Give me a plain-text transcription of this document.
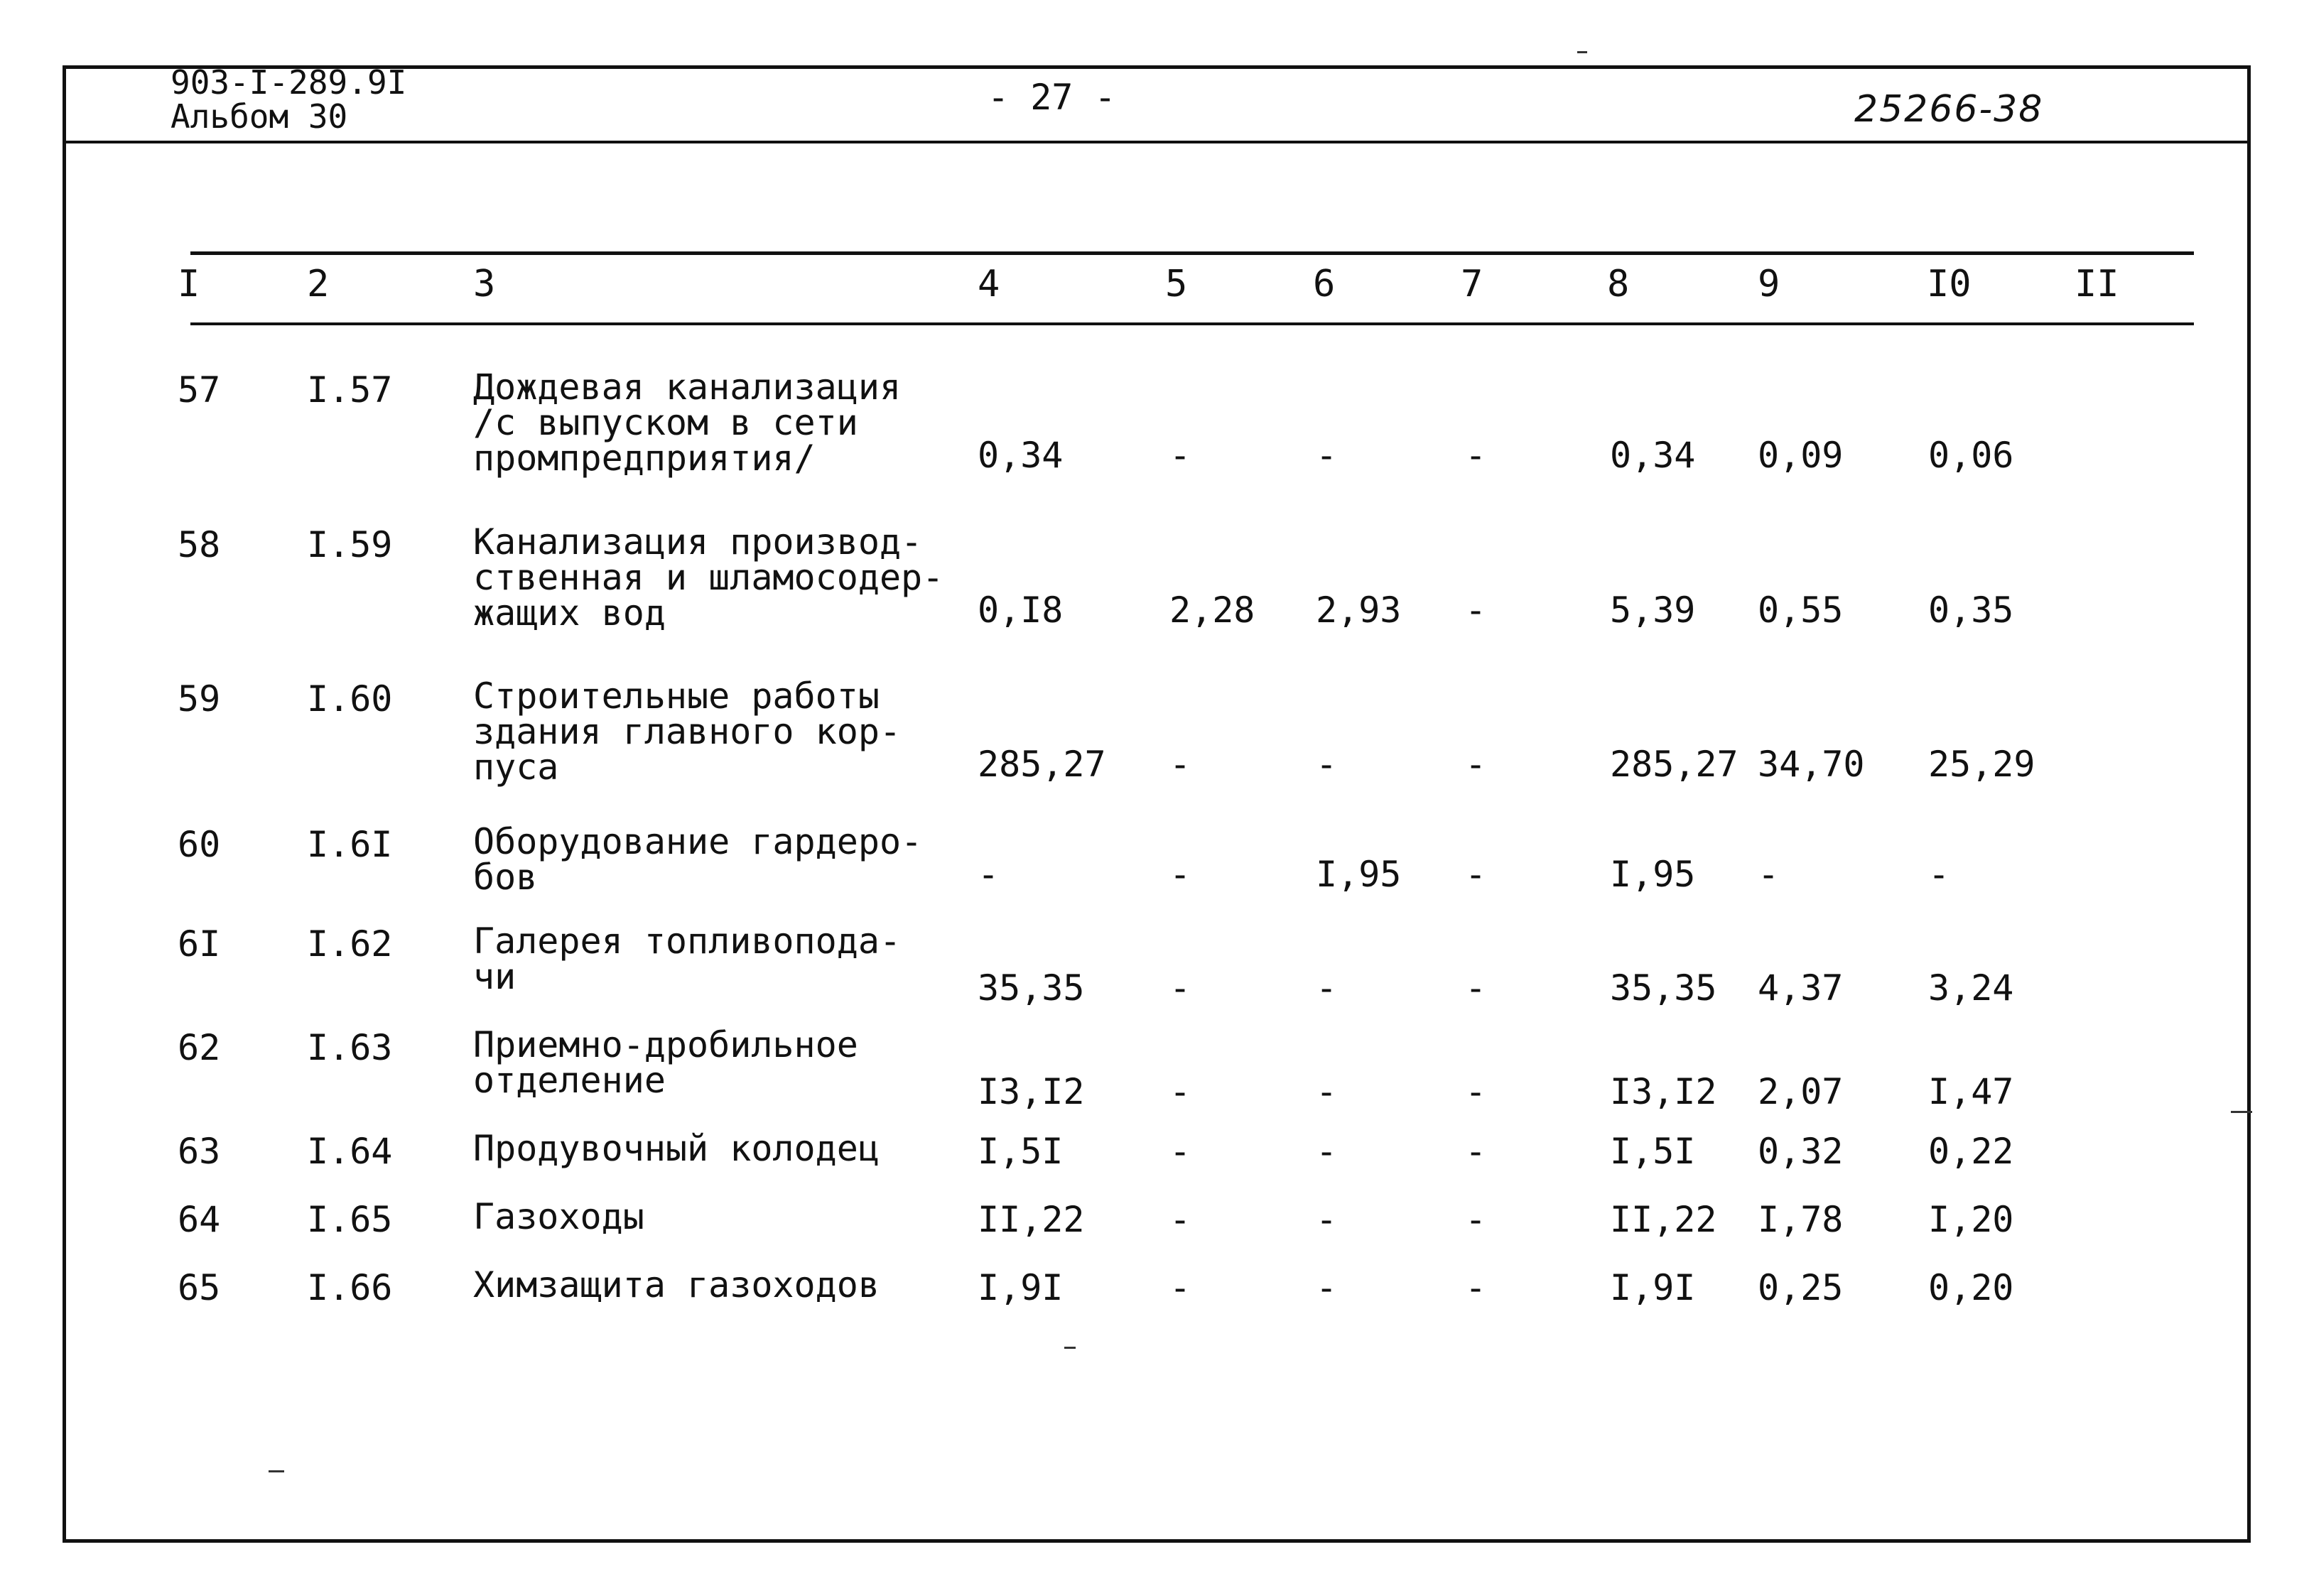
903-I-289.9I
Альбом 30	- 27 -	25266-38
I	2	3	4	5	6	7	8	9	I0	II
57 I.57 Дождевая канализация
/с выпуском в сети
промпредприятия/	0,34	-	-	-	0,34 0,09 0,06
58 I.59 Канализация производ-
ственная и шламосодер-
жащих вод	0,I8	2,28 2,93 -	5,39 0,55 0,35
59 I.60 Строительные работы
здания главного кор-
пуса	285,27 -	-	-	285,27 34,70 25,29
60 I.6I Оборудование гардеро-
бов	-	-	I,95 -	I,95 -	-
6I I.62 Галерея топливопода-
чи	35,35 -	-	-	35,35 4,37 3,24
62 I.63 Приемно-дробильное
отделение	I3,I2 -	-	-	I3,I2 2,07 I,47
63 I.64 Продувочный колодец	I,5I	-	-	-	I,5I 0,32 0,22
64 I.65 Газоходы	II,22 -	-	-	II,22 I,78 I,20
65 I.66 Химзащита газоходов	I,9I	-	-	-	I,9I 0,25 0,20
